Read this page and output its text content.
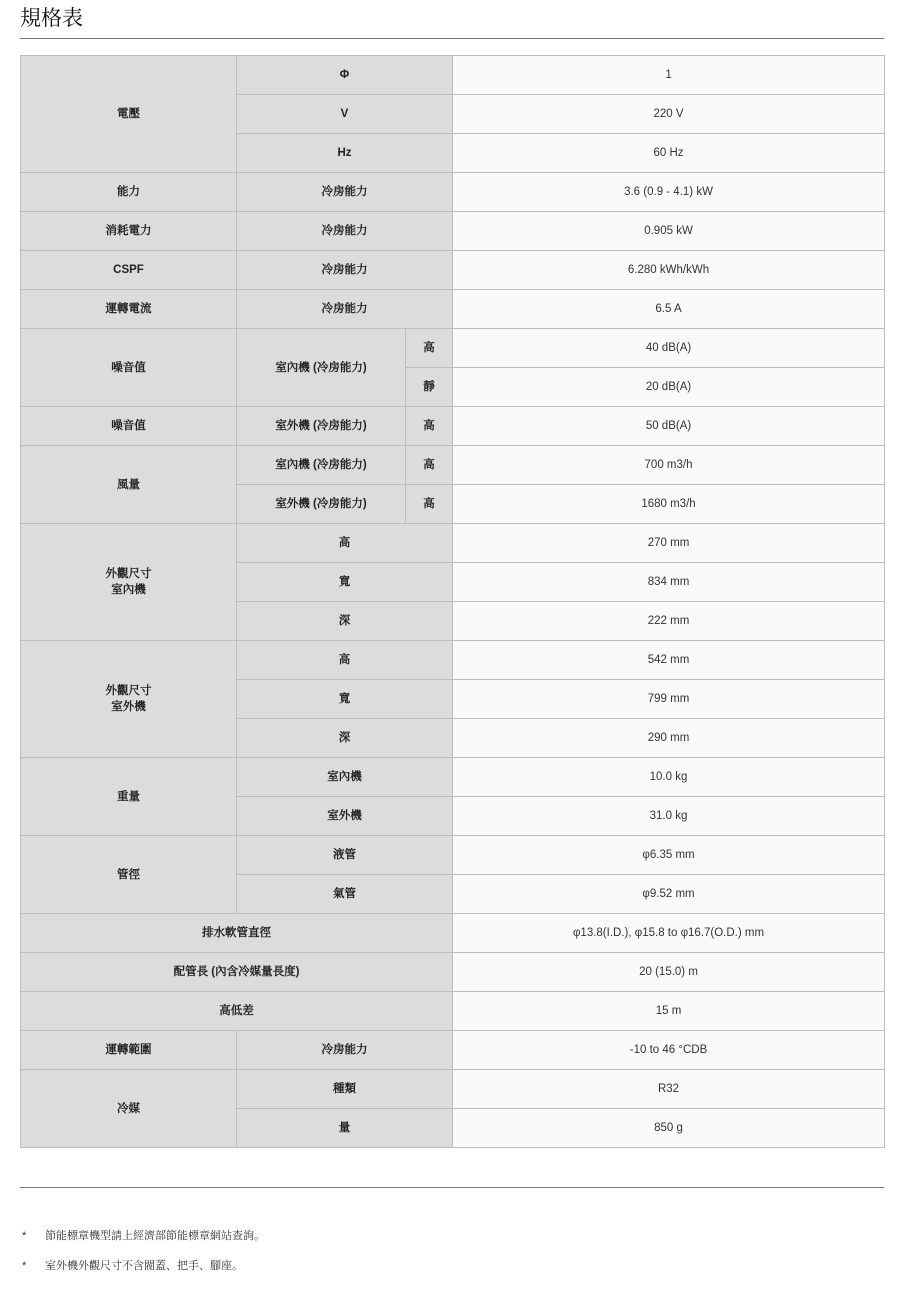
規格表
電壓	Φ		1
	V		220 V
	Hz		60 Hz
能力	冷房能力		3.6 (0.9 - 4.1) kW
消耗電力	冷房能力		0.905 kW
CSPF	冷房能力		6.280 kWh/kWh
運轉電流	冷房能力		6.5 A
噪音值	室內機 (冷房能力)	高	40 dB(A)
		靜	20 dB(A)
噪音值	室外機 (冷房能力)	高	50 dB(A)
風量	室內機 (冷房能力)	高	700 m3/h
	室外機 (冷房能力)	高	1680 m3/h

外觀尺寸
室內機	高		270 mm
	寬		834 mm
	深		222 mm

外觀尺寸
室外機	高		542 mm
	寬		799 mm
	深		290 mm
重量	室內機		10.0 kg
	室外機		31.0 kg
管徑	液管		φ6.35 mm
	氣管		φ9.52 mm
排水軟管直徑			φ13.8(I.D.), φ15.8 to φ16.7(O.D.) mm
配管長 (內含冷媒量長度)			20 (15.0) m
高低差			15 m
運轉範圍	冷房能力		-10 to 46 °CDB
冷媒	種類		R32
	量		850 g
* 節能標章機型請上經濟部節能標章網站查詢。
* 室外機外觀尺寸不含閥蓋、把手、腳座。
